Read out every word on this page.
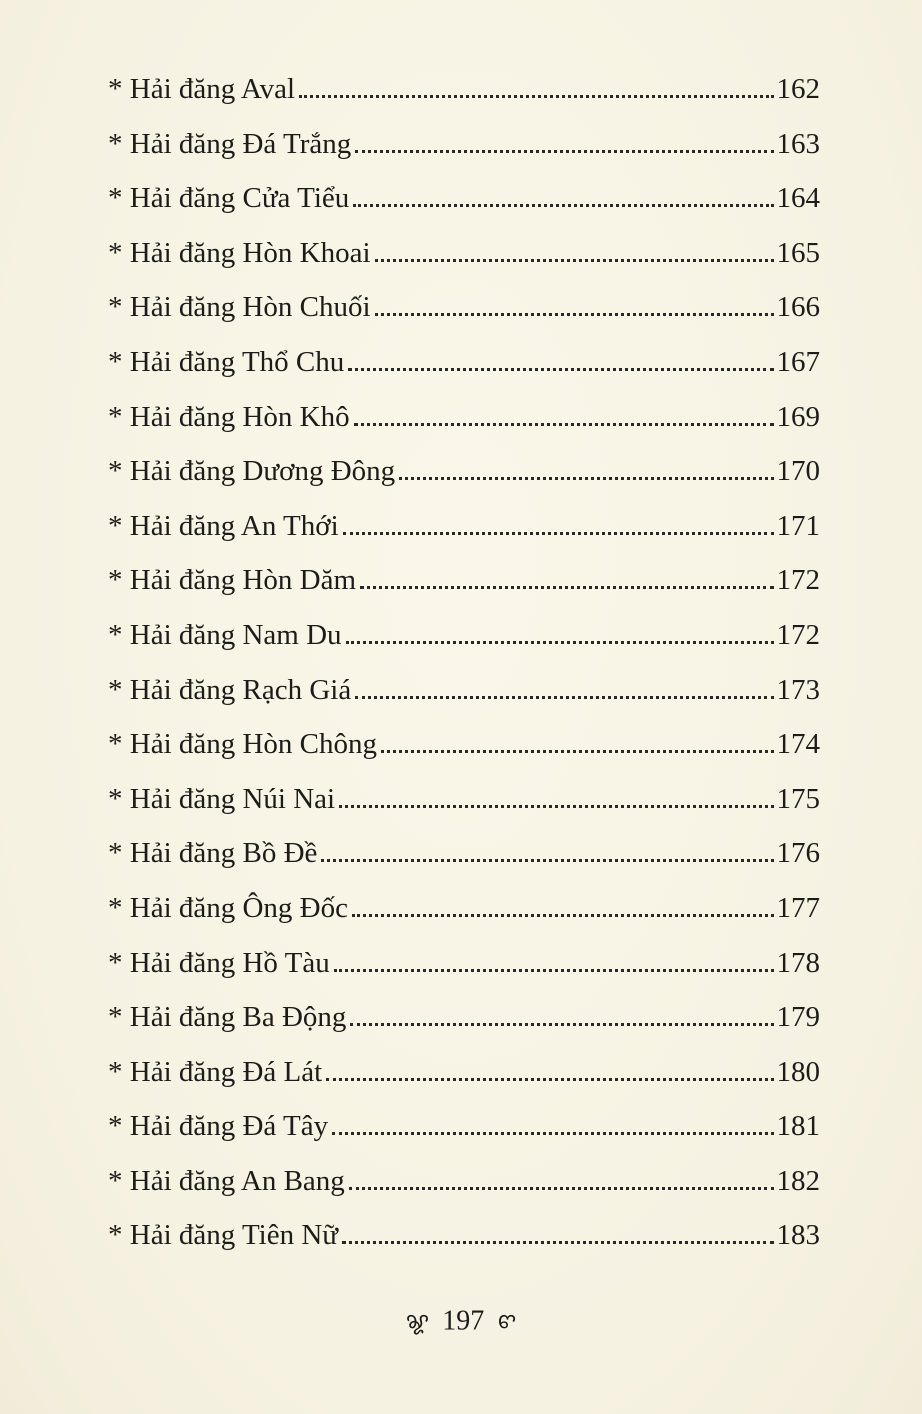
* Hải đăng Aval	162
* Hải đăng Đá Trắng	163
* Hải đăng Cửa Tiểu	164
* Hải đăng Hòn Khoai	165
* Hải đăng Hòn Chuối	166
* Hải đăng Thổ Chu	167
* Hải đăng Hòn Khô	169
* Hải đăng Dương Đông	170
* Hải đăng An Thới	171
* Hải đăng Hòn Dăm	172
* Hải đăng Nam Du	172
* Hải đăng Rạch Giá	173
* Hải đăng Hòn Chông	174
* Hải đăng Núi Nai	175
* Hải đăng Bồ Đề	176
* Hải đăng Ông Đốc	177
* Hải đăng Hồ Tàu	178
* Hải đăng Ba Động	179
* Hải đăng Đá Lát	180
* Hải đăng Đá Tây	181
* Hải đăng An Bang	182
* Hải đăng Tiên Nữ	183
ꨘ 197 ꨓ
